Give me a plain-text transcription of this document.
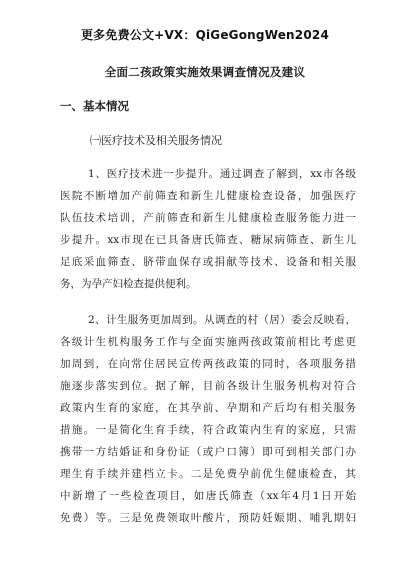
更多免费公文+VX：QiGeGongWen2024
全面二孩政策实施效果调查情况及建议
一、基本情况
㈠医疗技术及相关服务情况

1、医疗技术进一步提升。通过调查了解到，xx市各级
医院不断增加产前筛查和新生儿健康检查设备，加强医疗
队伍技术培训，产前筛查和新生儿健康检查服务能力进一
步提升。xx市现在已具备唐氏筛查、糖尿病筛查、新生儿
足底采血筛查、脐带血保存或捐献等技术、设备和相关服
务，为孕产妇检查提供便利。

2、计生服务更加周到。从调查的村（居）委会反映看，
各级计生机构服务工作与全面实施两孩政策前相比考虑更
加周到，在向常住居民宣传两孩政策的同时，各项服务措
施逐步落实到位。据了解，目前各级计生服务机构对符合
政策内生育的家庭，在其孕前、孕期和产后均有相关服务
措施。一是简化生育手续，符合政策内生育的家庭，只需
携带一方结婚证和身份证（或户口簿）即可到相关部门办
理生育手续并建档立卡。二是免费孕前优生健康检查，其
中新增了一些检查项目，如唐氏筛查（xx年4月1日开始
免费）等。三是免费领取叶酸片，预防妊娠期、哺乳期妇
